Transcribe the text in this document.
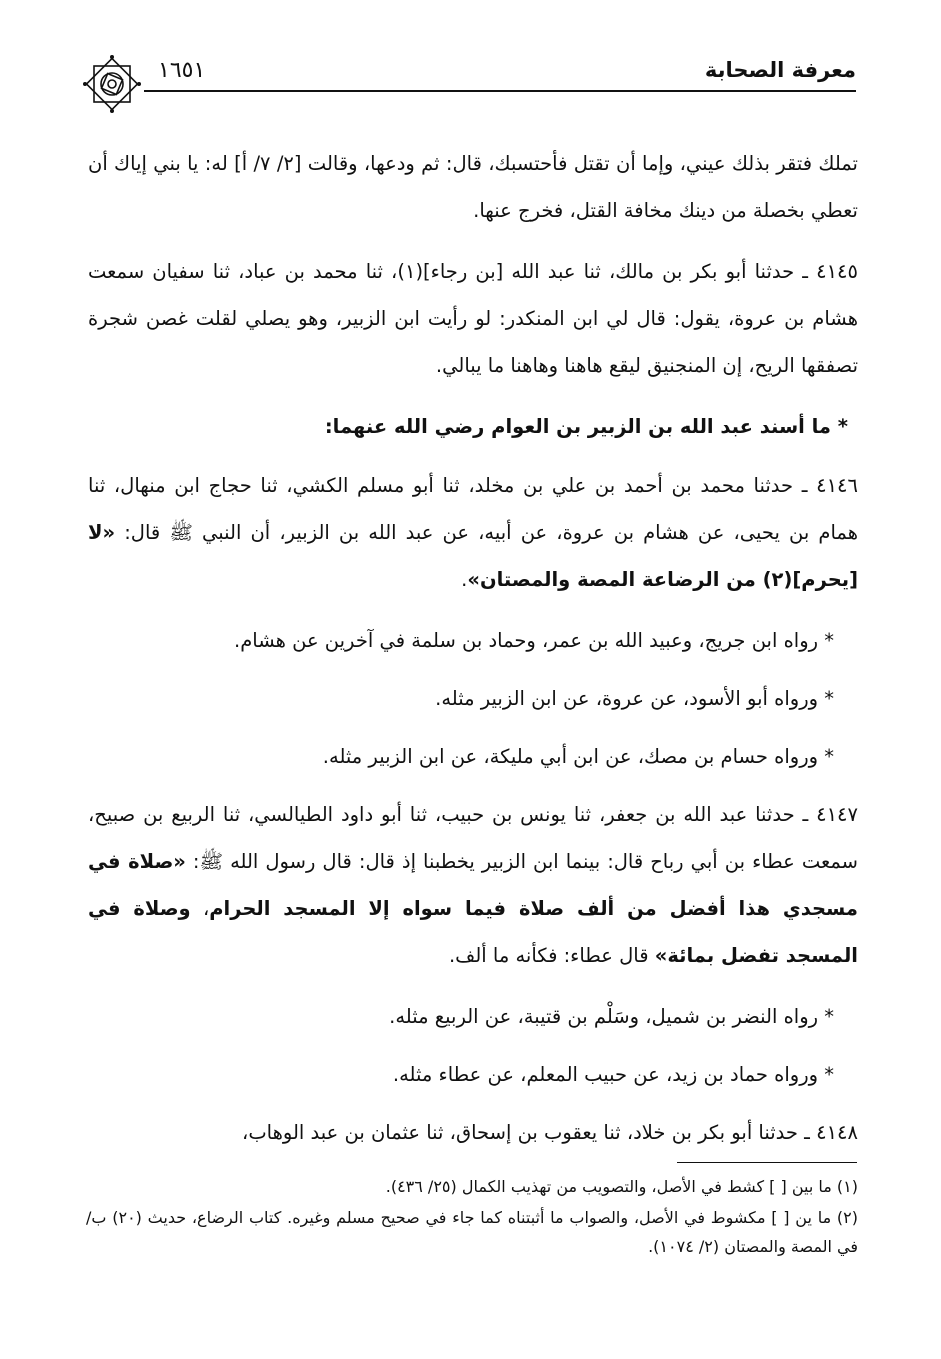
١٦٥١	معرفة الصحابة

تملك فتقر بذلك عيني، وإما أن تقتل فأحتسبك، قال: ثم ودعها، وقالت [٢/ ٧/ أ] له: يا بني إياك أن تعطي بخصلة من دينك مخافة القتل، فخرج عنها.

٤١٤٥ ـ حدثنا أبو بكر بن مالك، ثنا عبد الله [بن رجاء](١)، ثنا محمد بن عباد، ثنا سفيان سمعت هشام بن عروة، يقول: قال لي ابن المنكدر: لو رأيت ابن الزبير، وهو يصلي لقلت غصن شجرة تصفقها الريح، إن المنجنيق ليقع هاهنا وهاهنا ما يبالي.

* ما أسند عبد الله بن الزبير بن العوام رضي الله عنهما:

٤١٤٦ ـ حدثنا محمد بن أحمد بن علي بن مخلد، ثنا أبو مسلم الكشي، ثنا حجاج ابن منهال، ثنا همام بن يحيى، عن هشام بن عروة، عن أبيه، عن عبد الله بن الزبير، أن النبي ﷺ قال: «لا [يحرم](٢) من الرضاعة المصة والمصتان».

* رواه ابن جريج، وعبيد الله بن عمر، وحماد بن سلمة في آخرين عن هشام.

* ورواه أبو الأسود، عن عروة، عن ابن الزبير مثله.

* ورواه حسام بن مصك، عن ابن أبي مليكة، عن ابن الزبير مثله.

٤١٤٧ ـ حدثنا عبد الله بن جعفر، ثنا يونس بن حبيب، ثنا أبو داود الطيالسي، ثنا الربيع بن صبيح، سمعت عطاء بن أبي رباح قال: بينما ابن الزبير يخطبنا إذ قال: قال رسول الله ﷺ: «صلاة في مسجدي هذا أفضل من ألف صلاة فيما سواه إلا المسجد الحرام، وصلاة في المسجد تفضل بمائة» قال عطاء: فكأنه ما ألف.

* رواه النضر بن شميل، وسَلْم بن قتيبة، عن الربيع مثله.

* ورواه حماد بن زيد، عن حبيب المعلم، عن عطاء مثله.

٤١٤٨ ـ حدثنا أبو بكر بن خلاد، ثنا يعقوب بن إسحاق، ثنا عثمان بن عبد الوهاب،

(١) ما بين [ ] كشط في الأصل، والتصويب من تهذيب الكمال (٢٥/ ٤٣٦).

(٢) ما ين [ ] مكشوط في الأصل، والصواب ما أثبتناه كما جاء في صحيح مسلم وغيره. كتاب الرضاع، حديث (٢٠) ب/ في المصة والمصتان (٢/ ١٠٧٤).
